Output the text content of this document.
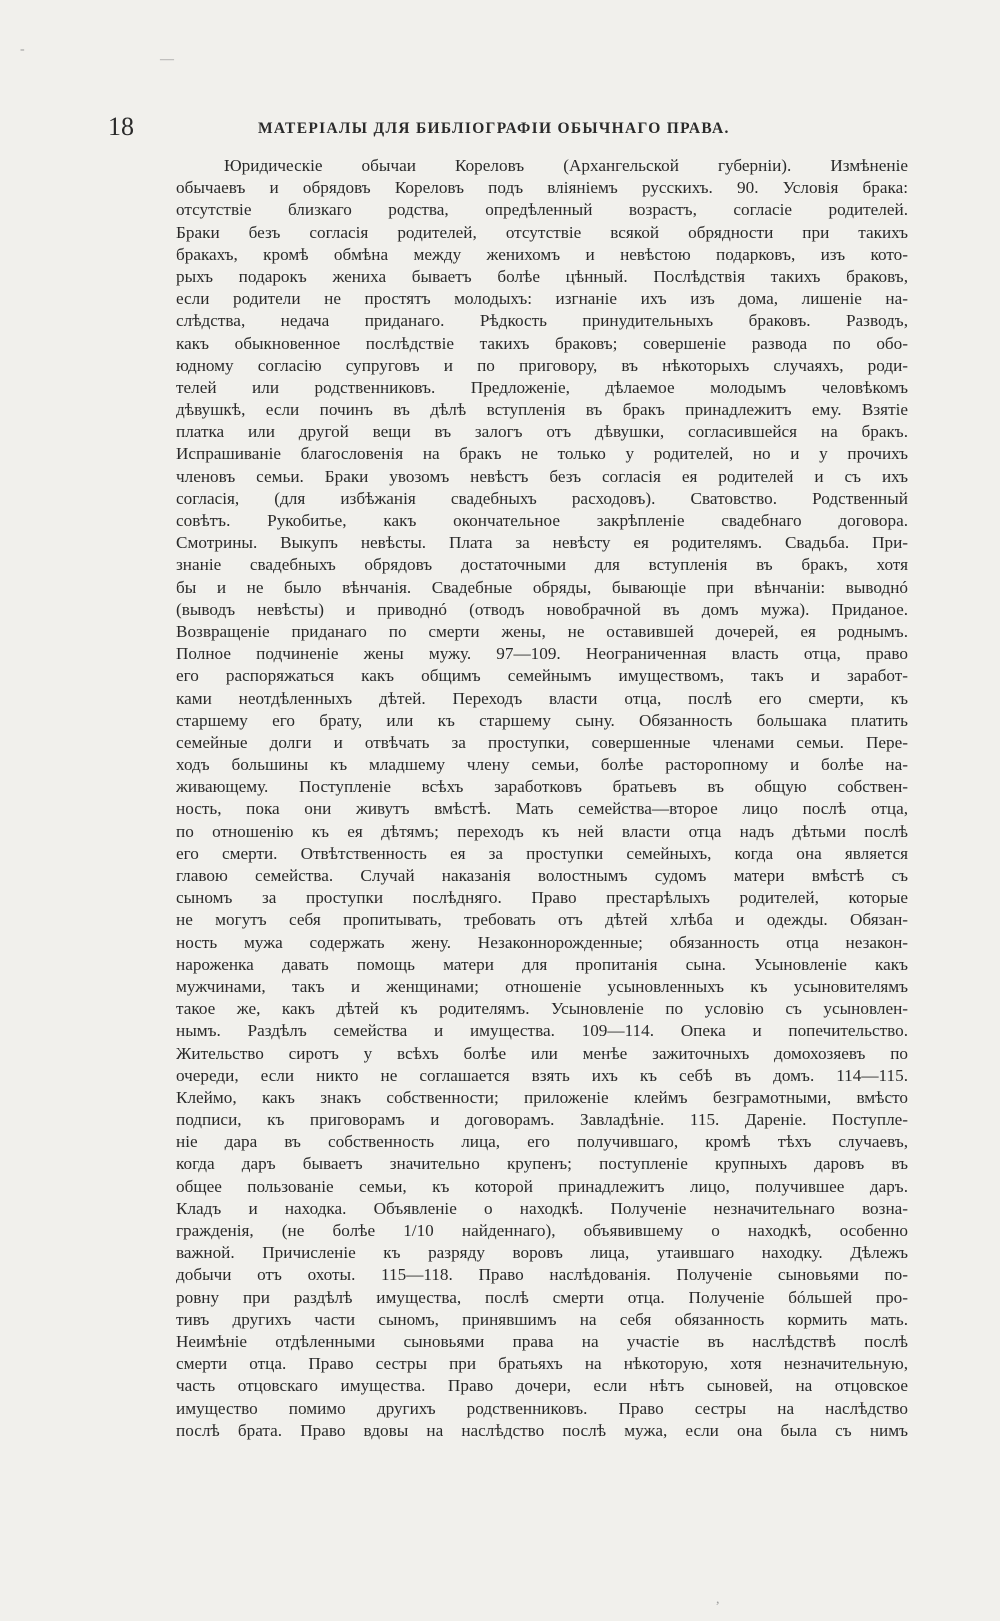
18	МАТЕРІАЛЫ ДЛЯ БИБЛІОГРАФІИ ОБЫЧНАГО ПРАВА.
Юридическіе обычаи Кореловъ (Архангельской губерніи). Измѣненіе
обычаевъ и обрядовъ Кореловъ подъ вліяніемъ русскихъ. 90. Условія брака:
отсутствіе близкаго родства, опредѣленный возрастъ, согласіе родителей.
Браки безъ согласія родителей, отсутствіе всякой обрядности при такихъ
бракахъ, кромѣ обмѣна между женихомъ и невѣстою подарковъ, изъ кото-
рыхъ подарокъ жениха бываетъ болѣе цѣнный. Послѣдствія такихъ браковъ,
если родители не простятъ молодыхъ: изгнаніе ихъ изъ дома, лишеніе на-
слѣдства, недача приданаго. Рѣдкость принудительныхъ браковъ. Разводъ,
какъ обыкновенное послѣдствіе такихъ браковъ; совершеніе развода по обо-
юдному согласію супруговъ и по приговору, въ нѣкоторыхъ случаяхъ, роди-
телей или родственниковъ. Предложеніе, дѣлаемое молодымъ человѣкомъ
дѣвушкѣ, если починъ въ дѣлѣ вступленія въ бракъ принадлежитъ ему. Взятіе
платка или другой вещи въ залогъ отъ дѣвушки, согласившейся на бракъ.
Испрашиваніе благословенія на бракъ не только у родителей, но и у прочихъ
членовъ семьи. Браки увозомъ невѣстъ безъ согласія ея родителей и съ ихъ
согласія, (для избѣжанія свадебныхъ расходовъ). Сватовство. Родственный
совѣтъ. Рукобитье, какъ окончательное закрѣпленіе свадебнаго договора.
Смотрины. Выкупъ невѣсты. Плата за невѣсту ея родителямъ. Свадьба. При-
знаніе свадебныхъ обрядовъ достаточными для вступленія въ бракъ, хотя
бы и не было вѣнчанія. Свадебные обряды, бывающіе при вѣнчаніи: выводнó
(выводъ невѣсты) и приводнó (отводъ новобрачной въ домъ мужа). Приданое.
Возвращеніе приданаго по смерти жены, не оставившей дочерей, ея роднымъ.
Полное подчиненіе жены мужу. 97—109. Неограниченная власть отца, право
его распоряжаться какъ общимъ семейнымъ имуществомъ, такъ и заработ-
ками неотдѣленныхъ дѣтей. Переходъ власти отца, послѣ его смерти, къ
старшему его брату, или къ старшему сыну. Обязанность большака платить
семейные долги и отвѣчать за проступки, совершенные членами семьи. Пере-
ходъ большины къ младшему члену семьи, болѣе расторопному и болѣе на-
живающему. Поступленіе всѣхъ заработковъ братьевъ въ общую собствен-
ность, пока они живутъ вмѣстѣ. Мать семейства—второе лицо послѣ отца,
по отношенію къ ея дѣтямъ; переходъ къ ней власти отца надъ дѣтьми послѣ
его смерти. Отвѣтственность ея за проступки семейныхъ, когда она является
главою семейства. Случай наказанія волостнымъ судомъ матери вмѣстѣ съ
сыномъ за проступки послѣдняго. Право престарѣлыхъ родителей, которые
не могутъ себя пропитывать, требовать отъ дѣтей хлѣба и одежды. Обязан-
ность мужа содержать жену. Незаконнорожденные; обязанность отца незакон-
нароженка давать помощь матери для пропитанія сына. Усыновленіе какъ
мужчинами, такъ и женщинами; отношеніе усыновленныхъ къ усыновителямъ
такое же, какъ дѣтей къ родителямъ. Усыновленіе по условію съ усыновлен-
нымъ. Раздѣлъ семейства и имущества. 109—114. Опека и попечительство.
Жительство сиротъ у всѣхъ болѣе или менѣе зажиточныхъ домохозяевъ по
очереди, если никто не соглашается взять ихъ къ себѣ въ домъ. 114—115.
Клеймо, какъ знакъ собственности; приложеніе клеймъ безграмотными, вмѣсто
подписи, къ приговорамъ и договорамъ. Завладѣніе. 115. Дареніе. Поступле-
ніе дара въ собственность лица, его получившаго, кромѣ тѣхъ случаевъ,
когда даръ бываетъ значительно крупенъ; поступленіе крупныхъ даровъ въ
общее пользованіе семьи, къ которой принадлежитъ лицо, получившее даръ.
Кладъ и находка. Объявленіе о находкѣ. Полученіе незначительнаго возна-
гражденія, (не болѣе 1/10 найденнаго), объявившему о находкѣ, особенно
важной. Причисленіе къ разряду воровъ лица, утаившаго находку. Дѣлежъ
добычи отъ охоты. 115—118. Право наслѣдованія. Полученіе сыновьями по-
ровну при раздѣлѣ имущества, послѣ смерти отца. Полученіе бóльшей про-
тивъ другихъ части сыномъ, принявшимъ на себя обязанность кормить мать.
Неимѣніе отдѣленными сыновьями права на участіе въ наслѣдствѣ послѣ
смерти отца. Право сестры при братьяхъ на нѣкоторую, хотя незначительную,
часть отцовскаго имущества. Право дочери, если нѣтъ сыновей, на отцовское
имущество помимо другихъ родственниковъ. Право сестры на наслѣдство
послѣ брата. Право вдовы на наслѣдство послѣ мужа, если она была съ нимъ
—
-
,
